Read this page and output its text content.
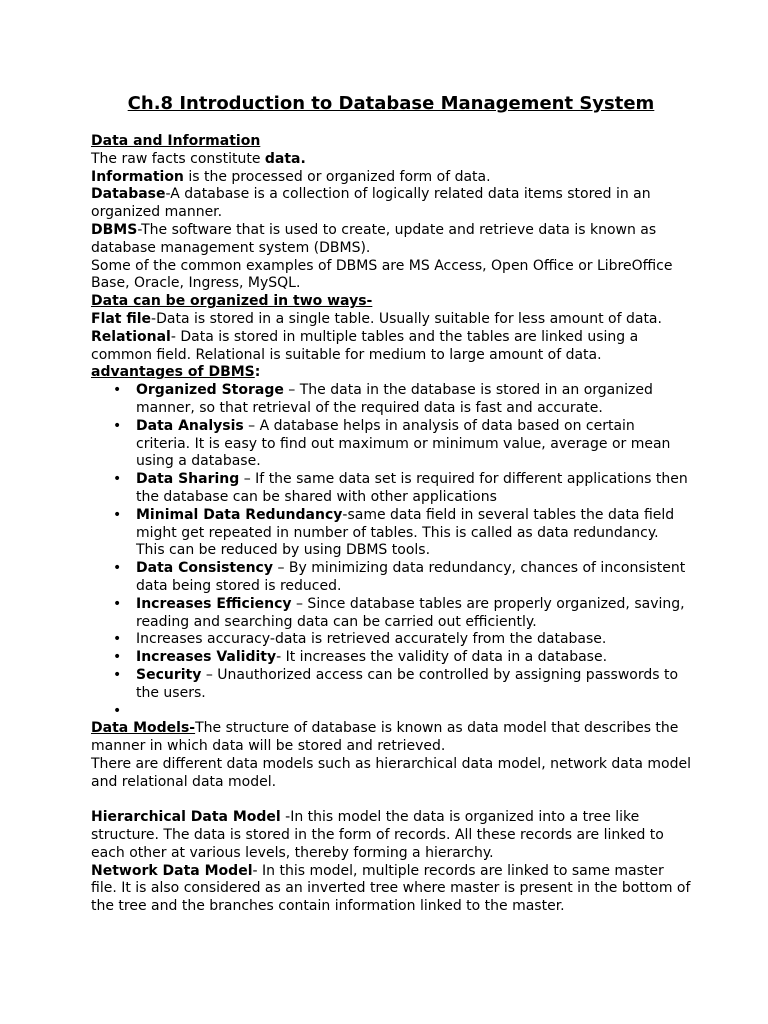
Ch.8 Introduction to Database Management System

Data and Information

The raw facts constitute data.

Information is the processed or organized form of data.

Database-A database is a collection of logically related data items stored in an organized manner.

DBMS-The software that is used to create, update and retrieve data is known as database management system (DBMS).

Some of the common examples of DBMS are MS Access, Open Office or LibreOffice Base, Oracle, Ingress, MySQL.

Data can be organized in two ways-

Flat file-Data is stored in a single table. Usually suitable for less amount of data.

Relational- Data is stored in multiple tables and the tables are linked using a common field. Relational is suitable for medium to large amount of data.

advantages of DBMS:

• Organized Storage – The data in the database is stored in an organized manner, so that retrieval of the required data is fast and accurate.
• Data Analysis – A database helps in analysis of data based on certain criteria. It is easy to find out maximum or minimum value, average or mean using a database.
• Data Sharing – If the same data set is required for different applications then the database can be shared with other applications
• Minimal Data Redundancy-same data field in several tables the data field might get repeated in number of tables. This is called as data redundancy. This can be reduced by using DBMS tools.
• Data Consistency – By minimizing data redundancy, chances of inconsistent data being stored is reduced.
• Increases Efficiency – Since database tables are properly organized, saving, reading and searching data can be carried out efficiently.
• Increases accuracy-data is retrieved accurately from the database.
• Increases Validity- It increases the validity of data in a database.
• Security – Unauthorized access can be controlled by assigning passwords to the users.
•

Data Models-The structure of database is known as data model that describes the manner in which data will be stored and retrieved.

There are different data models such as hierarchical data model, network data model and relational data model.

Hierarchical Data Model -In this model the data is organized into a tree like structure. The data is stored in the form of records. All these records are linked to each other at various levels, thereby forming a hierarchy.

Network Data Model- In this model, multiple records are linked to same master file. It is also considered as an inverted tree where master is present in the bottom of the tree and the branches contain information linked to the master.
